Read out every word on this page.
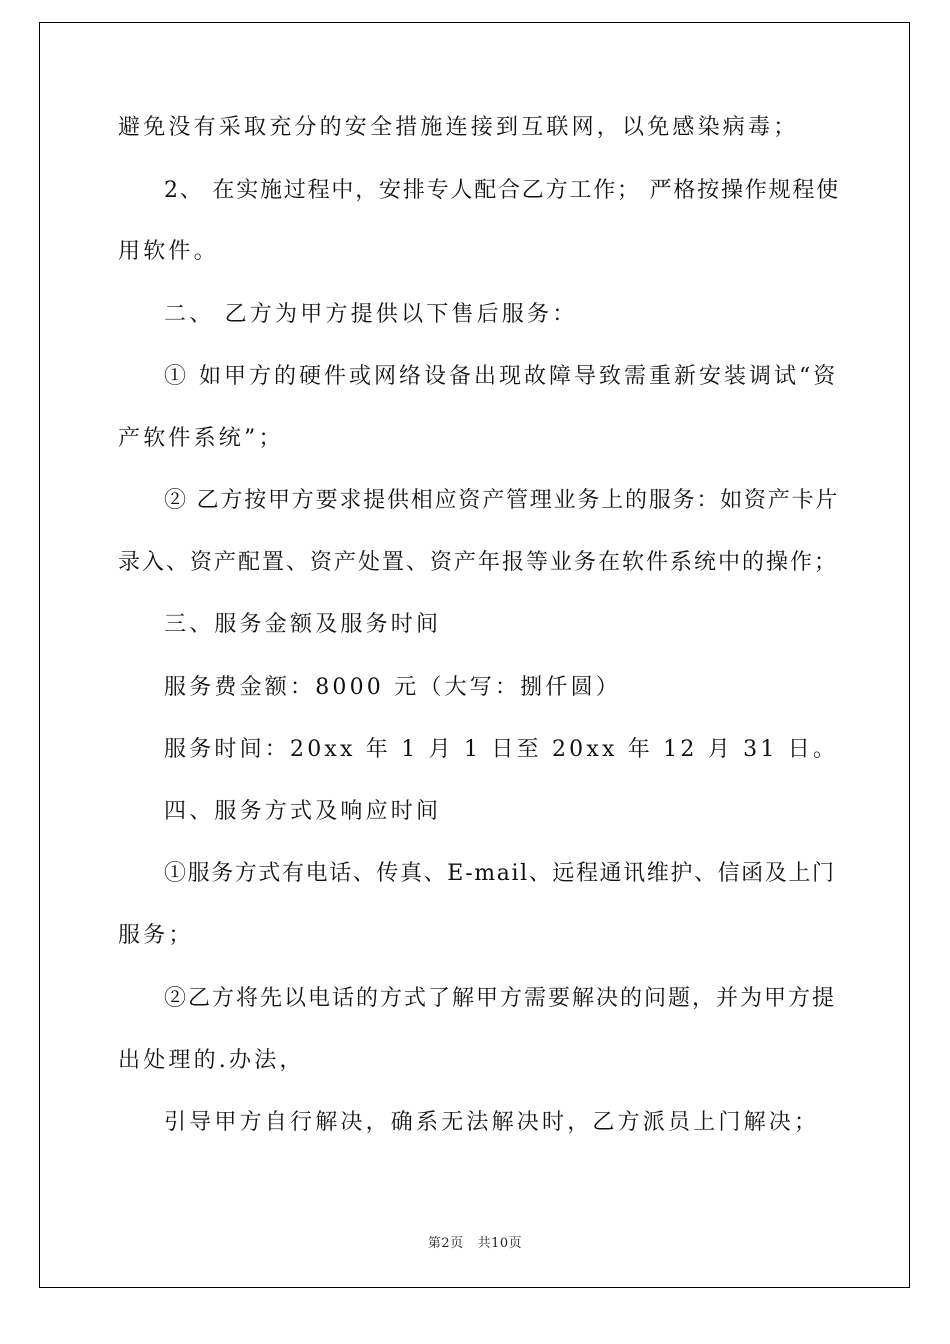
避免没有采取充分的安全措施连接到互联网，以免感染病毒；
2、 在实施过程中，安排专人配合乙方工作； 严格按操作规程使
用软件。
二、 乙方为甲方提供以下售后服务：
① 如甲方的硬件或网络设备出现故障导致需重新安装调试“资
产软件系统”；
② 乙方按甲方要求提供相应资产管理业务上的服务：如资产卡片
录入、资产配置、资产处置、资产年报等业务在软件系统中的操作；
三、服务金额及服务时间
服务费金额：8000 元（大写：捌仟圆）
服务时间：20xx 年 1 月 1 日至 20xx 年 12 月 31 日。
四、服务方式及响应时间
①服务方式有电话、传真、E-mail、远程通讯维护、信函及上门
服务；
②乙方将先以电话的方式了解甲方需要解决的问题，并为甲方提
出处理的.办法，
引导甲方自行解决，确系无法解决时，乙方派员上门解决；
第2页 共10页
